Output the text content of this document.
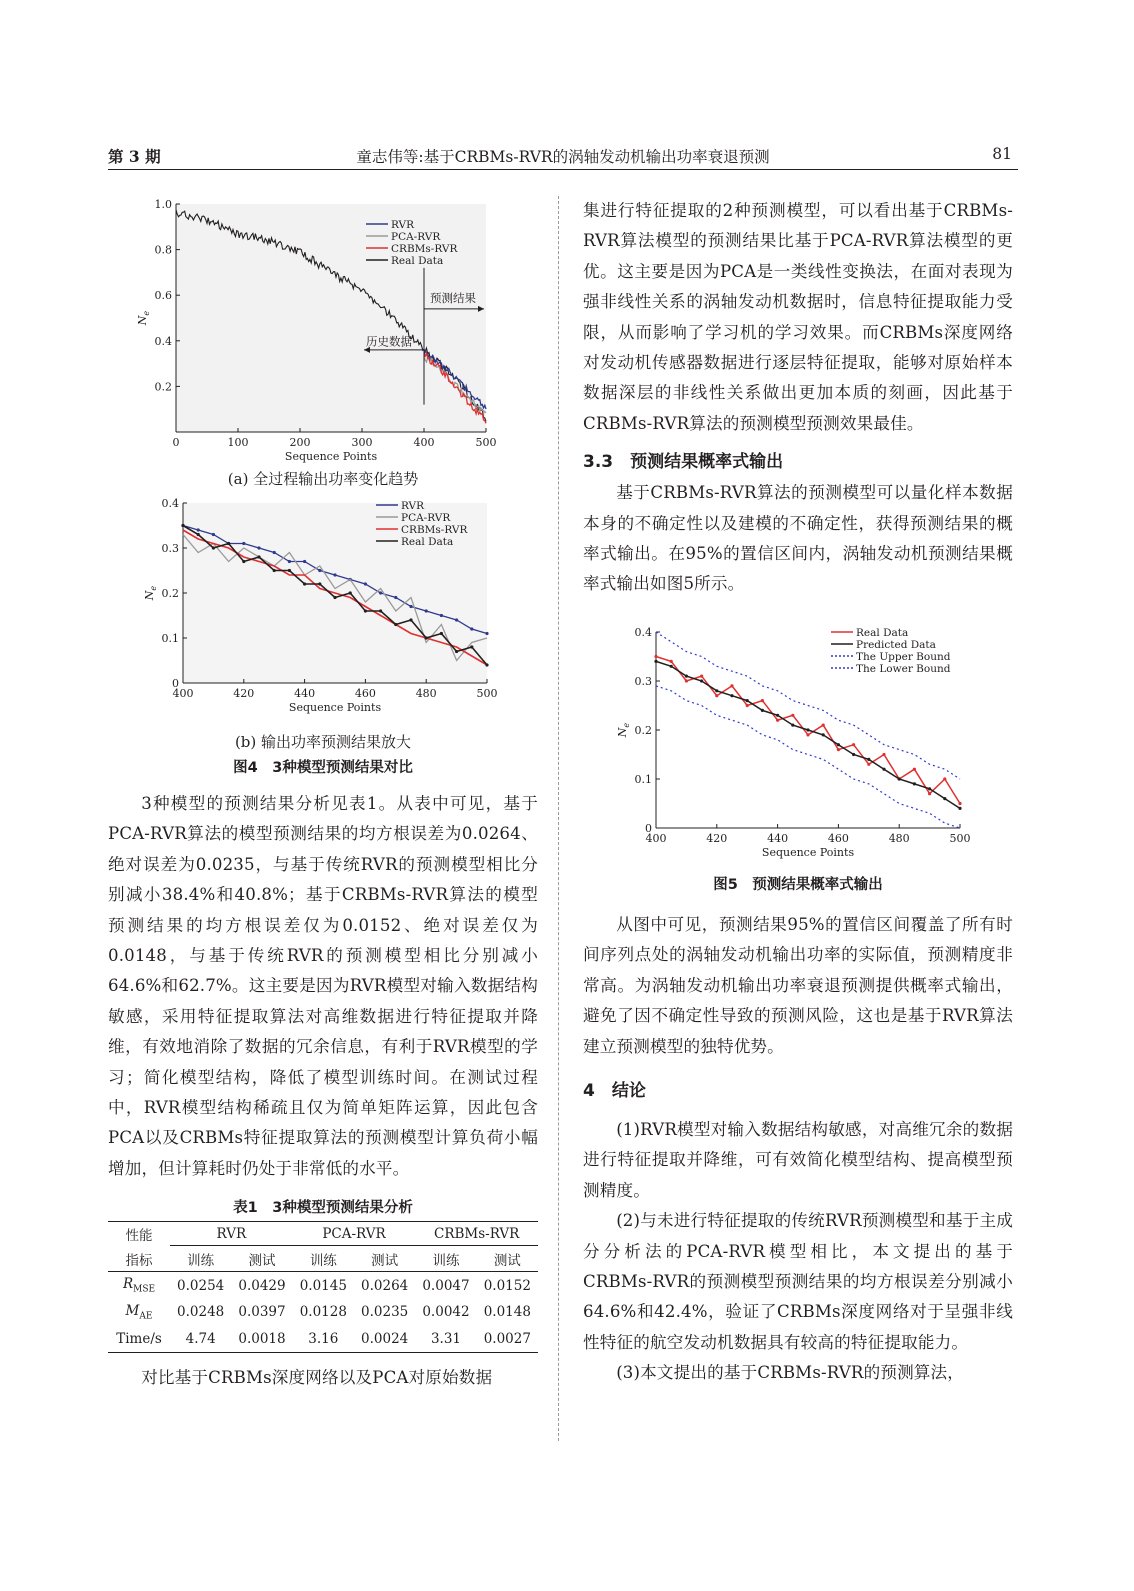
第 3 期	童志伟等:基于CRBMs-RVR的涡轴发动机输出功率衰退预测	81
0	100	200	300	400	500
0.2
0.4
0.6
0.8
1.0
Sequence Points
$N_e$
RVR
PCA-RVR
CRBMs-RVR
Real Data
预测结果
历史数据

(a) 全过程输出功率变化趋势

400	420	440	460	480	500
0
0.1
0.2
0.3
0.4
Sequence Points
$N_e$
RVR
PCA-RVR
CRBMs-RVR
Real Data

(b) 输出功率预测结果放大

图4　3种模型预测结果对比

3种模型的预测结果分析见表1。从表中可见，基于PCA-RVR算法的模型预测结果的均方根误差为0.0264、绝对误差为0.0235，与基于传统RVR的预测模型相比分别减小38.4%和40.8%；基于CRBMs-RVR算法的模型预测结果的均方根误差仅为0.0152、绝对误差仅为0.0148，与基于传统RVR的预测模型相比分别减小64.6%和62.7%。这主要是因为RVR模型对输入数据结构敏感，采用特征提取算法对高维数据进行特征提取并降维，有效地消除了数据的冗余信息，有利于RVR模型的学习；简化模型结构，降低了模型训练时间。在测试过程中，RVR模型结构稀疏且仅为简单矩阵运算，因此包含PCA以及CRBMs特征提取算法的预测模型计算负荷小幅增加，但计算耗时仍处于非常低的水平。

表1　3种模型预测结果分析

性能	RVR		PCA-RVR		CRBMs-RVR	
指标	训练	测试	训练	测试	训练	测试
$R_{MSE}$	0.0254	0.0429	0.0145	0.0264	0.0047	0.0152
$M_{AE}$	0.0248	0.0397	0.0128	0.0235	0.0042	0.0148
Time/s	4.74	0.0018	3.16	0.0024	3.31	0.0027

对比基于CRBMs深度网络以及PCA对原始数据

集进行特征提取的2种预测模型，可以看出基于CRBMs-RVR算法模型的预测结果比基于PCA-RVR算法模型的更优。这主要是因为PCA是一类线性变换法，在面对表现为强非线性关系的涡轴发动机数据时，信息特征提取能力受限，从而影响了学习机的学习效果。而CRBMs深度网络对发动机传感器数据进行逐层特征提取，能够对原始样本数据深层的非线性关系做出更加本质的刻画，因此基于CRBMs-RVR算法的预测模型预测效果最佳。

3.3　预测结果概率式输出

基于CRBMs-RVR算法的预测模型可以量化样本数据本身的不确定性以及建模的不确定性，获得预测结果的概率式输出。在95%的置信区间内，涡轴发动机预测结果概率式输出如图5所示。

400	420	440	460	480	500
0
0.1
0.2
0.3
0.4
Sequence Points
$N_e$
Real Data
Predicted Data
The Upper Bound
The Lower Bound

图5　预测结果概率式输出

从图中可见，预测结果95%的置信区间覆盖了所有时间序列点处的涡轴发动机输出功率的实际值，预测精度非常高。为涡轴发动机输出功率衰退预测提供概率式输出，避免了因不确定性导致的预测风险，这也是基于RVR算法建立预测模型的独特优势。

4　结论

(1)RVR模型对输入数据结构敏感，对高维冗余的数据进行特征提取并降维，可有效简化模型结构、提高模型预测精度。

(2)与未进行特征提取的传统RVR预测模型和基于主成分分析法的PCA-RVR模型相比，本文提出的基于CRBMs-RVR的预测模型预测结果的均方根误差分别减小64.6%和42.4%，验证了CRBMs深度网络对于呈强非线性特征的航空发动机数据具有较高的特征提取能力。

(3)本文提出的基于CRBMs-RVR的预测算法，
